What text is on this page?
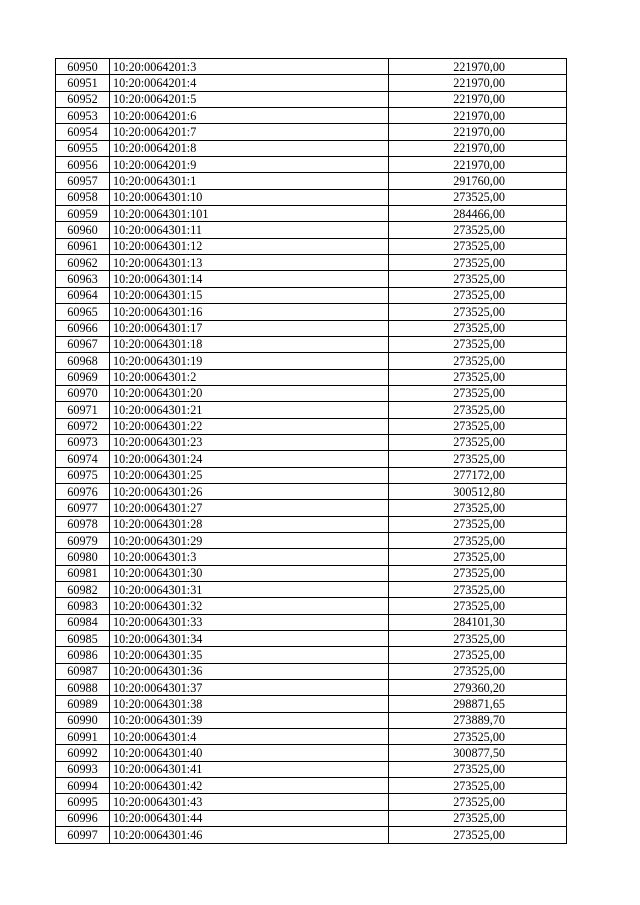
60950	10:20:0064201:3	221970,00
60951	10:20:0064201:4	221970,00
60952	10:20:0064201:5	221970,00
60953	10:20:0064201:6	221970,00
60954	10:20:0064201:7	221970,00
60955	10:20:0064201:8	221970,00
60956	10:20:0064201:9	221970,00
60957	10:20:0064301:1	291760,00
60958	10:20:0064301:10	273525,00
60959	10:20:0064301:101	284466,00
60960	10:20:0064301:11	273525,00
60961	10:20:0064301:12	273525,00
60962	10:20:0064301:13	273525,00
60963	10:20:0064301:14	273525,00
60964	10:20:0064301:15	273525,00
60965	10:20:0064301:16	273525,00
60966	10:20:0064301:17	273525,00
60967	10:20:0064301:18	273525,00
60968	10:20:0064301:19	273525,00
60969	10:20:0064301:2	273525,00
60970	10:20:0064301:20	273525,00
60971	10:20:0064301:21	273525,00
60972	10:20:0064301:22	273525,00
60973	10:20:0064301:23	273525,00
60974	10:20:0064301:24	273525,00
60975	10:20:0064301:25	277172,00
60976	10:20:0064301:26	300512,80
60977	10:20:0064301:27	273525,00
60978	10:20:0064301:28	273525,00
60979	10:20:0064301:29	273525,00
60980	10:20:0064301:3	273525,00
60981	10:20:0064301:30	273525,00
60982	10:20:0064301:31	273525,00
60983	10:20:0064301:32	273525,00
60984	10:20:0064301:33	284101,30
60985	10:20:0064301:34	273525,00
60986	10:20:0064301:35	273525,00
60987	10:20:0064301:36	273525,00
60988	10:20:0064301:37	279360,20
60989	10:20:0064301:38	298871,65
60990	10:20:0064301:39	273889,70
60991	10:20:0064301:4	273525,00
60992	10:20:0064301:40	300877,50
60993	10:20:0064301:41	273525,00
60994	10:20:0064301:42	273525,00
60995	10:20:0064301:43	273525,00
60996	10:20:0064301:44	273525,00
60997	10:20:0064301:46	273525,00
